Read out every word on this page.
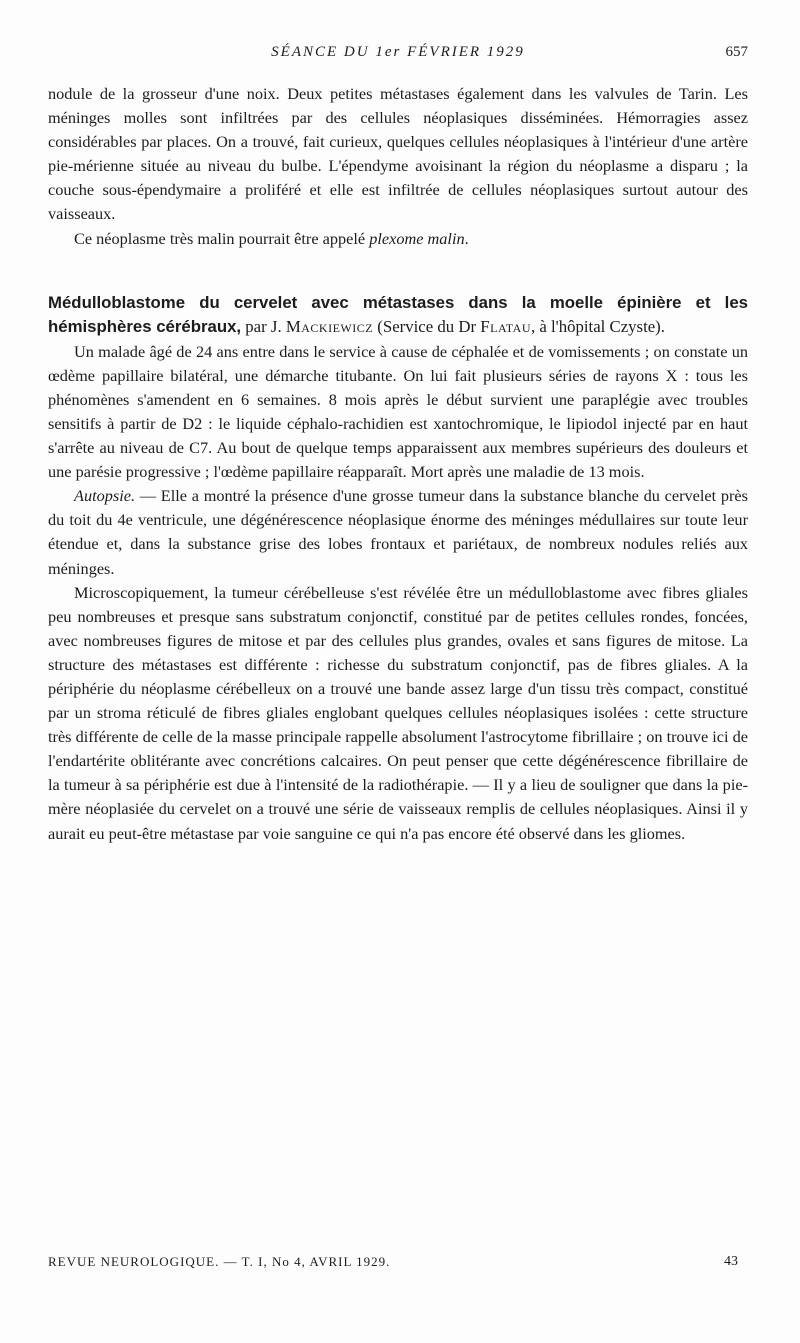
SÉANCE DU 1er FÉVRIER 1929	657

nodule de la grosseur d'une noix. Deux petites métastases également dans les valvules de Tarin. Les méninges molles sont infiltrées par des cellules néoplasiques disséminées. Hémorragies assez considérables par places. On a trouvé, fait curieux, quelques cellules néoplasiques à l'intérieur d'une artère pie-mérienne située au niveau du bulbe. L'épendyme avoisinant la région du néoplasme a disparu ; la couche sous-épendymaire a proliféré et elle est infiltrée de cellules néoplasiques surtout autour des vaisseaux.

Ce néoplasme très malin pourrait être appelé plexome malin.

Médulloblastome du cervelet avec métastases dans la moelle épinière et les hémisphères cérébraux, par J. Mackiewicz (Service du Dr Flatau, à l'hôpital Czyste).

Un malade âgé de 24 ans entre dans le service à cause de céphalée et de vomissements ; on constate un œdème papillaire bilatéral, une démarche titubante. On lui fait plusieurs séries de rayons X : tous les phénomènes s'amendent en 6 semaines. 8 mois après le début survient une paraplégie avec troubles sensitifs à partir de D2 : le liquide céphalo-rachidien est xantochromique, le lipiodol injecté par en haut s'arrête au niveau de C7. Au bout de quelque temps apparaissent aux membres supérieurs des douleurs et une parésie progressive ; l'œdème papillaire réapparaît. Mort après une maladie de 13 mois.

Autopsie. — Elle a montré la présence d'une grosse tumeur dans la substance blanche du cervelet près du toit du 4e ventricule, une dégénérescence néoplasique énorme des méninges médullaires sur toute leur étendue et, dans la substance grise des lobes frontaux et pariétaux, de nombreux nodules reliés aux méninges.

Microscopiquement, la tumeur cérébelleuse s'est révélée être un médulloblastome avec fibres gliales peu nombreuses et presque sans substratum conjonctif, constitué par de petites cellules rondes, foncées, avec nombreuses figures de mitose et par des cellules plus grandes, ovales et sans figures de mitose. La structure des métastases est différente : richesse du substratum conjonctif, pas de fibres gliales. A la périphérie du néoplasme cérébelleux on a trouvé une bande assez large d'un tissu très compact, constitué par un stroma réticulé de fibres gliales englobant quelques cellules néoplasiques isolées : cette structure très différente de celle de la masse principale rappelle absolument l'astrocytome fibrillaire ; on trouve ici de l'endartérite oblitérante avec concrétions calcaires. On peut penser que cette dégénérescence fibrillaire de la tumeur à sa périphérie est due à l'intensité de la radiothérapie. — Il y a lieu de souligner que dans la pie-mère néoplasiée du cervelet on a trouvé une série de vaisseaux remplis de cellules néoplasiques. Ainsi il y aurait eu peut-être métastase par voie sanguine ce qui n'a pas encore été observé dans les gliomes.

REVUE NEUROLOGIQUE. — T. I, No 4, AVRIL 1929.	43
